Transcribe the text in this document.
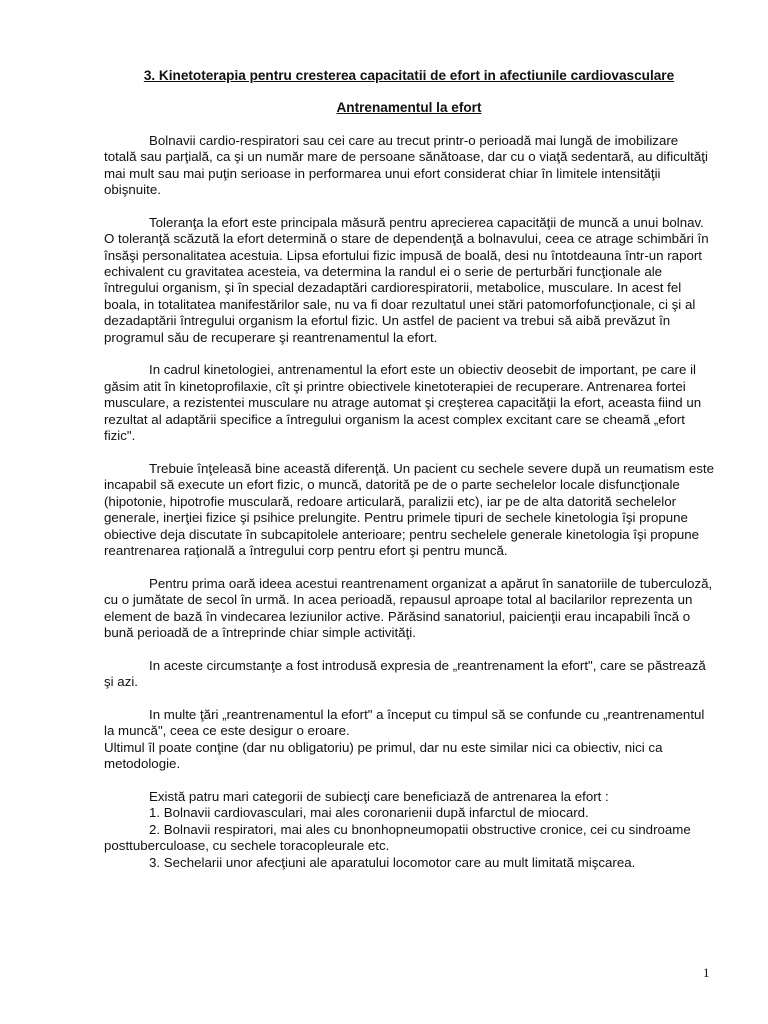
3. Kinetoterapia pentru cresterea capacitatii de efort in afectiunile cardiovasculare

Antrenamentul la efort

Bolnavii cardio-respiratori sau cei care au trecut printr-o perioadă mai lungă de imobilizare totală sau parţială, ca şi un număr mare de persoane sănătoase, dar cu o viaţă sedentară, au dificultăţi mai mult sau mai puţin serioase in performarea unui efort considerat chiar în limitele intensităţii obişnuite.

Toleranţa la efort este principala măsură pentru aprecierea capacităţii de muncă a unui bolnav. O toleranţă scăzută la efort determină o stare de dependenţă a bolnavului, ceea ce atrage schimbări în însăşi personalitatea acestuia. Lipsa efortului fizic impusă de boală, desi nu întotdeauna într-un raport echivalent cu gravitatea acesteia, va determina la randul ei o serie de perturbări funcţionale ale întregului organism, şi în special dezadaptări cardiorespiratorii, metabolice, musculare. In acest fel boala, in totalitatea manifestărilor sale, nu va fi doar rezultatul unei stări patomorfofuncţionale, ci şi al dezadaptării întregului organism la efortul fizic. Un astfel de pacient va trebui să aibă prevăzut în programul său de recuperare şi reantrenamentul la efort.

In cadrul kinetologiei, antrenamentul la efort este un obiectiv deosebit de important, pe care il găsim atit în kinetoprofilaxie, cît şi printre obiectivele kinetoterapiei de recuperare. Antrenarea fortei musculare, a rezistentei musculare nu atrage automat şi creşterea capacităţii la efort, aceasta fiind un rezultat al adaptării specifice a întregului organism la acest complex excitant care se cheamă „efort fizic".

Trebuie înţeleasă bine această diferenţă. Un pacient cu sechele severe după un reumatism este incapabil să execute un efort fizic, o muncă, datorită pe de o parte sechelelor locale disfuncţionale (hipotonie, hipotrofie musculară, redoare articulară, paralizii etc), iar pe de alta datorită sechelelor generale, inerţiei fizice şi psihice prelungite. Pentru primele tipuri de sechele kinetologia îşi propune obiective deja discutate în subcapitolele anterioare; pentru sechelele generale kinetologia îşi propune reantrenarea raţională a întregului corp pentru efort şi pentru muncă.

Pentru prima oară ideea acestui reantrenament organizat a apărut în sanatoriile de tuberculoză, cu o jumătate de secol în urmă. In acea perioadă, repausul aproape total al bacilarilor reprezenta un element de bază în vindecarea leziunilor active. Părăsind sanatoriul, paicienţii erau incapabili încă o bună perioadă de a întreprinde chiar simple activităţi.

In aceste circumstanţe a fost introdusă expresia de „reantrenament la efort", care se păstrează şi azi.

In multe ţări „reantrenamentul la efort" a început cu timpul să se confunde cu „reantrenamentul la muncă", ceea ce este desigur o eroare.

Ultimul îl poate conţine (dar nu obligatoriu) pe primul, dar nu este similar nici ca obiectiv, nici ca metodologie.

Există patru mari categorii de subiecţi care beneficiază de antrenarea la efort :

1. Bolnavii cardiovasculari, mai ales coronarienii după infarctul de miocard.
2. Bolnavii respiratori, mai ales cu bnonhopneumopatii obstructive cronice, cei cu sindroame posttuberculoase, cu sechele toracopleurale etc.
3. Sechelarii unor afecţiuni ale aparatului locomotor care au mult limitată mişcarea.
1
